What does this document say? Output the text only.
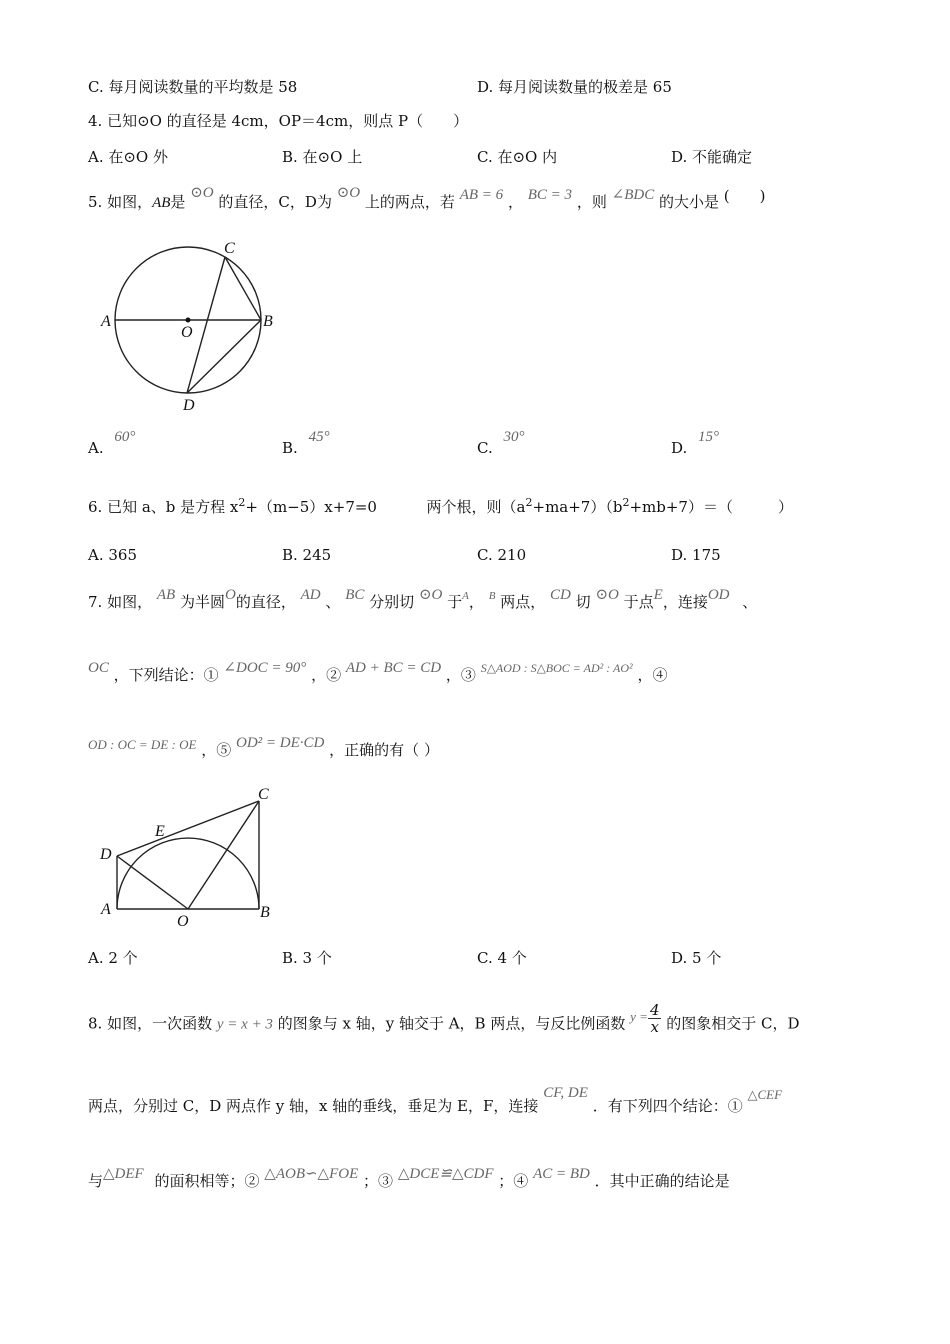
C. 每月阅读数量的平均数是 58	D. 每月阅读数量的极差是 65
4. 已知⊙O 的直径是 4cm，OP＝4cm，则点 P（　　）
A. 在⊙O 外	B. 在⊙O 上	C. 在⊙O 内	D. 不能确定
5. 如图，AB是 ⊙O 的直径，C，D为 ⊙O 上的两点，若 AB = 6 ， BC = 3 ，则 ∠BDC 的大小是 (　　)
A	B
C
D
O
A. 60°
B. 45°
C. 30°
D. 15°
6. 已知 a、b 是方程 $x^2+(m-5)x+7=0$	两个根，则$(a^2+ma+7)(b^2+mb+7)=$（　　　）
A. 365	B. 245	C. 210	D. 175
7. 如图， AB 为半圆O的直径， AD 、 BC 分别切 ⊙O 于$^A$， $^B$ 两点， CD 切 ⊙O 于点E，连接OD 、
OC ，下列结论：① ∠DOC = 90° ，② AD + BC = CD ，③ $^{S\triangle AOD : S\triangle BOC = AD^2 : AO^2}$ ，④
OD : OC = DE : OE ，⑤ OD² = DE·CD ，正确的有（ ）
A	B
C
D
E
O
A. 2 个	B. 3 个	C. 4 个	D. 5 个
8. 如图，一次函数 y = x + 3 的图象与 x 轴，y 轴交于 A，B 两点，与反比例函数 $y = \frac{4}{x}$ 的图象相交于 C，D
两点，分别过 C，D 两点作 y 轴，x 轴的垂线，垂足为 E，F，连接 CF, DE ．有下列四个结论：① △CEF
与△DEF 的面积相等；② △AOB∽△FOE ；③ △DCE≌△CDF ；④ AC = BD ．其中正确的结论是
